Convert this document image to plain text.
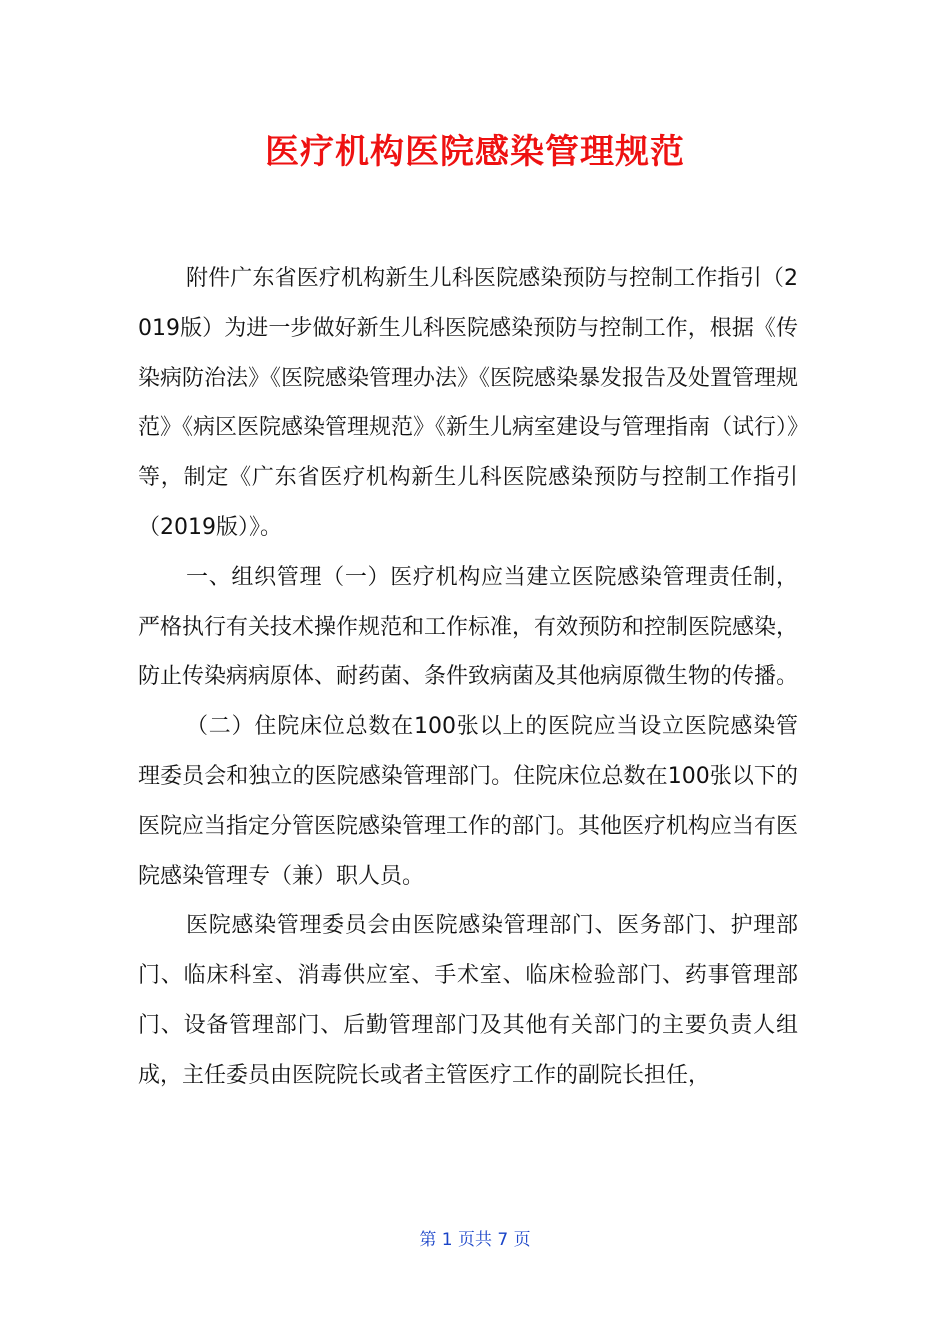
医疗机构医院感染管理规范

附件广东省医疗机构新生儿科医院感染预防与控制工作指引（2019版）为进一步做好新生儿科医院感染预防与控制工作，根据《传染病防治法》《医院感染管理办法》《医院感染暴发报告及处置管理规范》《病区医院感染管理规范》《新生儿病室建设与管理指南（试行）》等，制定《广东省医疗机构新生儿科医院感染预防与控制工作指引（2019版）》。

一、组织管理（一）医疗机构应当建立医院感染管理责任制，严格执行有关技术操作规范和工作标准，有效预防和控制医院感染，防止传染病病原体、耐药菌、条件致病菌及其他病原微生物的传播。

（二）住院床位总数在100张以上的医院应当设立医院感染管理委员会和独立的医院感染管理部门。住院床位总数在100张以下的医院应当指定分管医院感染管理工作的部门。其他医疗机构应当有医院感染管理专（兼）职人员。

医院感染管理委员会由医院感染管理部门、医务部门、护理部门、临床科室、消毒供应室、手术室、临床检验部门、药事管理部门、设备管理部门、后勤管理部门及其他有关部门的主要负责人组成，主任委员由医院院长或者主管医疗工作的副院长担任，

第 1 页共 7 页
